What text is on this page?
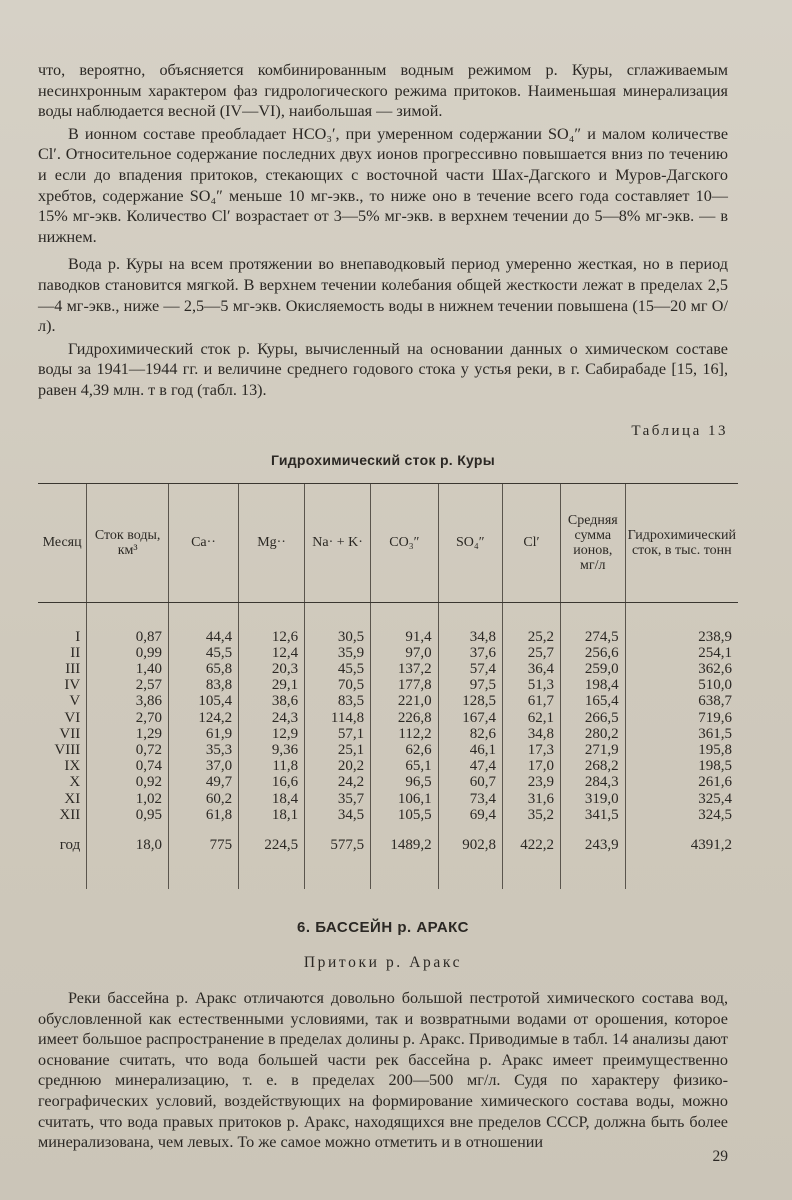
что, вероятно, объясняется комбинированным водным режимом р. Куры, сглаживаемым несинхронным характером фаз гидрологического режима притоков. Наименьшая минерализация воды наблюдается весной (IV—VI), наибольшая — зимой.

В ионном составе преобладает HCO₃′, при умеренном содержании SO₄″ и малом количестве Cl′. Относительное содержание последних двух ионов прогрессивно повышается вниз по течению и если до впадения притоков, стекающих с восточной части Шах-Дагского и Муров-Дагского хребтов, содержание SO₄″ меньше 10 мг-экв., то ниже оно в течение всего года составляет 10—15% мг-экв. Количество Cl′ возрастает от 3—5% мг-экв. в верхнем течении до 5—8% мг-экв. — в нижнем.

Вода р. Куры на всем протяжении во внепаводковый период умеренно жесткая, но в период паводков становится мягкой. В верхнем течении колебания общей жесткости лежат в пределах 2,5—4 мг-экв., ниже — 2,5—5 мг-экв. Окисляемость воды в нижнем течении повышена (15—20 мг О/л).

Гидрохимический сток р. Куры, вычисленный на основании данных о химическом составе воды за 1941—1944 гг. и величине среднего годового стока у устья реки, в г. Сабирабаде [15, 16], равен 4,39 млн. т в год (табл. 13).

Таблица 13
Гидрохимический сток р. Куры
Месяц	Сток воды, км³	Ca··	Mg··	Na· + K·	CO₃″	SO₄″	Cl′	Средняя сумма ионов, мг/л	Гидрохимический сток, в тыс. тонн

I	0,87	44,4	12,6	30,5	91,4	34,8	25,2	274,5	238,9
II	0,99	45,5	12,4	35,9	97,0	37,6	25,7	256,6	254,1
III	1,40	65,8	20,3	45,5	137,2	57,4	36,4	259,0	362,6
IV	2,57	83,8	29,1	70,5	177,8	97,5	51,3	198,4	510,0
V	3,86	105,4	38,6	83,5	221,0	128,5	61,7	165,4	638,7
VI	2,70	124,2	24,3	114,8	226,8	167,4	62,1	266,5	719,6
VII	1,29	61,9	12,9	57,1	112,2	82,6	34,8	280,2	361,5
VIII	0,72	35,3	9,36	25,1	62,6	46,1	17,3	271,9	195,8
IX	0,74	37,0	11,8	20,2	65,1	47,4	17,0	268,2	198,5
X	0,92	49,7	16,6	24,2	96,5	60,7	23,9	284,3	261,6
XI	1,02	60,2	18,4	35,7	106,1	73,4	31,6	319,0	325,4
XII	0,95	61,8	18,1	34,5	105,5	69,4	35,2	341,5	324,5
год	18,0	775	224,5	577,5	1489,2	902,8	422,2	243,9	4391,2

6. БАССЕЙН р. АРАКС
Притоки р. Аракс

Реки бассейна р. Аракс отличаются довольно большой пестротой химического состава вод, обусловленной как естественными условиями, так и возвратными водами от орошения, которое имеет большое распространение в пределах долины р. Аракс. Приводимые в табл. 14 анализы дают основание считать, что вода большей части рек бассейна р. Аракс имеет преимущественно среднюю минерализацию, т. е. в пределах 200—500 мг/л. Судя по характеру физико-географических условий, воздействующих на формирование химического состава воды, можно считать, что вода правых притоков р. Аракс, находящихся вне пределов СССР, должна быть более минерализована, чем левых. То же самое можно отметить и в отношении

29
